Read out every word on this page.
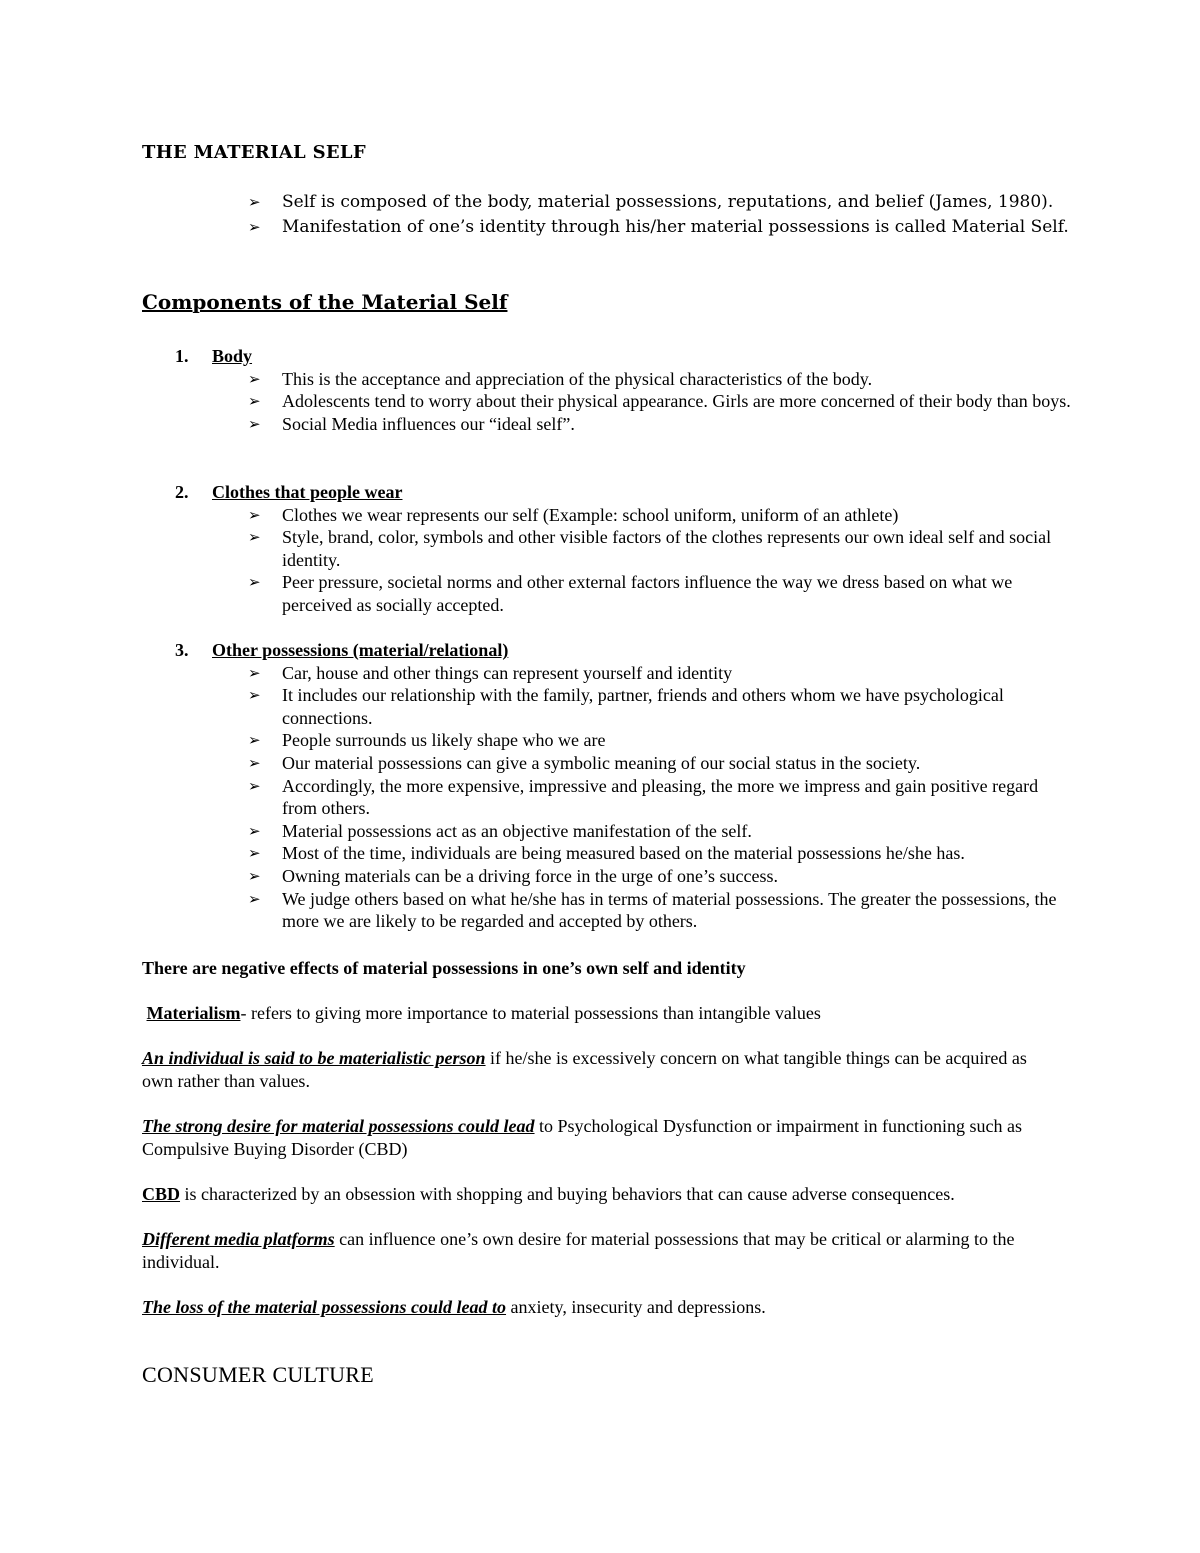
THE MATERIAL SELF
➢ Self is composed of the body, material possessions, reputations, and belief (James, 1980).
➢ Manifestation of one’s identity through his/her material possessions is called Material Self.
Components of the Material Self
1. Body
➢ This is the acceptance and appreciation of the physical characteristics of the body.
➢ Adolescents tend to worry about their physical appearance. Girls are more concerned of their body than boys.
➢ Social Media influences our “ideal self”.
2. Clothes that people wear
➢ Clothes we wear represents our self (Example: school uniform, uniform of an athlete)
➢ Style, brand, color, symbols and other visible factors of the clothes represents our own ideal self and social identity.
➢ Peer pressure, societal norms and other external factors influence the way we dress based on what we perceived as socially accepted.
3. Other possessions (material/relational)
➢ Car, house and other things can represent yourself and identity
➢ It includes our relationship with the family, partner, friends and others whom we have psychological connections.
➢ People surrounds us likely shape who we are
➢ Our material possessions can give a symbolic meaning of our social status in the society.
➢ Accordingly, the more expensive, impressive and pleasing, the more we impress and gain positive regard from others.
➢ Material possessions act as an objective manifestation of the self.
➢ Most of the time, individuals are being measured based on the material possessions he/she has.
➢ Owning materials can be a driving force in the urge of one’s success.
➢ We judge others based on what he/she has in terms of material possessions. The greater the possessions, the more we are likely to be regarded and accepted by others.

There are negative effects of material possessions in one’s own self and identity

Materialism- refers to giving more importance to material possessions than intangible values

An individual is said to be materialistic person if he/she is excessively concern on what tangible things can be acquired as own rather than values.

The strong desire for material possessions could lead to Psychological Dysfunction or impairment in functioning such as Compulsive Buying Disorder (CBD)

CBD is characterized by an obsession with shopping and buying behaviors that can cause adverse consequences.

Different media platforms can influence one’s own desire for material possessions that may be critical or alarming to the individual.

The loss of the material possessions could lead to anxiety, insecurity and depressions.

CONSUMER CULTURE
